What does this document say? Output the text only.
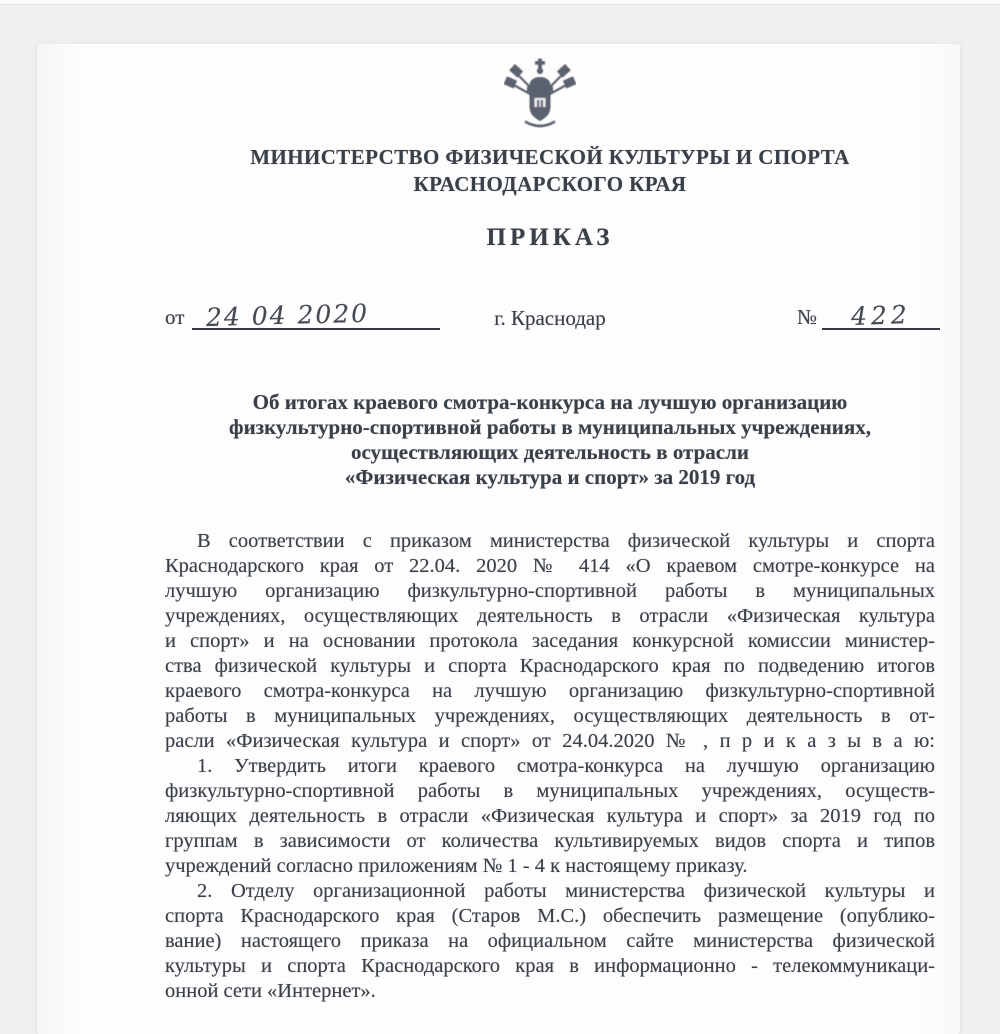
МИНИСТЕРСТВО ФИЗИЧЕСКОЙ КУЛЬТУРЫ И СПОРТА
КРАСНОДАРСКОГО КРАЯ
ПРИКАЗ
от 24 04 2020	г. Краснодар	№ 422
Об итогах краевого смотра-конкурса на лучшую организацию
физкультурно-спортивной работы в муниципальных учреждениях,
осуществляющих деятельность в отрасли
«Физическая культура и спорт» за 2019 год
В соответствии с приказом министерства физической культуры и спорта
Краснодарского края от 22.04. 2020 № 414 «О краевом смотре-конкурсе на
лучшую организацию физкультурно-спортивной работы в муниципальных
учреждениях, осуществляющих деятельность в отрасли «Физическая культура
и спорт» и на основании протокола заседания конкурсной комиссии министер-
ства физической культуры и спорта Краснодарского края по подведению итогов
краевого смотра-конкурса на лучшую организацию физкультурно-спортивной
работы в муниципальных учреждениях, осуществляющих деятельность в от-
расли «Физическая культура и спорт» от 24.04.2020 № , п р и к а з ы в а ю:
1. Утвердить итоги краевого смотра-конкурса на лучшую организацию
физкультурно-спортивной работы в муниципальных учреждениях, осуществ-
ляющих деятельность в отрасли «Физическая культура и спорт» за 2019 год по
группам в зависимости от количества культивируемых видов спорта и типов
учреждений согласно приложениям № 1 - 4 к настоящему приказу.
2. Отделу организационной работы министерства физической культуры и
спорта Краснодарского края (Старов М.С.) обеспечить размещение (опублико-
вание) настоящего приказа на официальном сайте министерства физической
культуры и спорта Краснодарского края в информационно - телекоммуникаци-
онной сети «Интернет».
